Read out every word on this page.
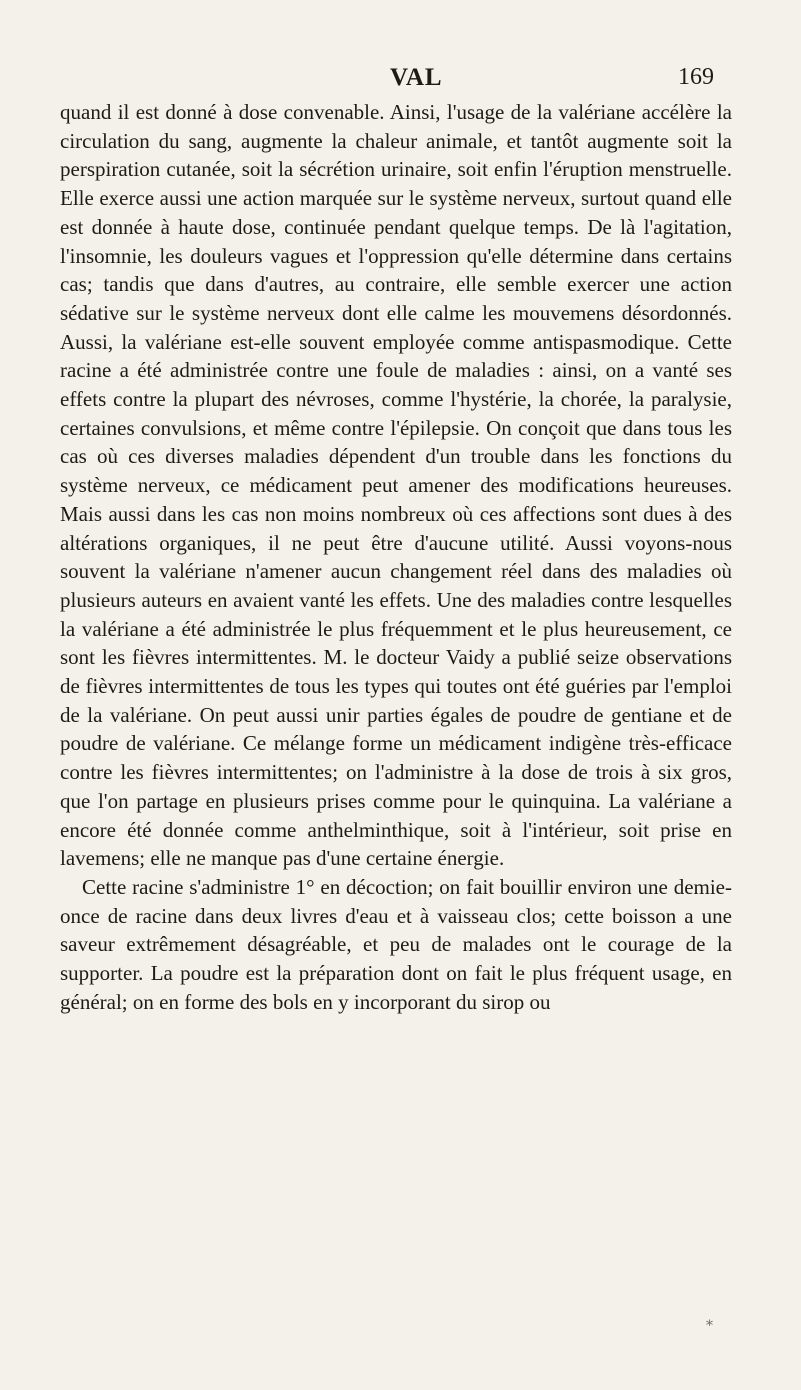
VAL	169

quand il est donné à dose convenable. Ainsi, l'usage de la valériane accélère la circulation du sang, augmente la chaleur animale, et tantôt augmente soit la perspiration cutanée, soit la sécrétion urinaire, soit enfin l'éruption menstruelle. Elle exerce aussi une action marquée sur le système nerveux, surtout quand elle est donnée à haute dose, continuée pendant quelque temps. De là l'agitation, l'insomnie, les douleurs vagues et l'oppression qu'elle détermine dans certains cas; tandis que dans d'autres, au contraire, elle semble exercer une action sédative sur le système nerveux dont elle calme les mouvemens désordonnés. Aussi, la valériane est-elle souvent employée comme antispasmodique. Cette racine a été administrée contre une foule de maladies : ainsi, on a vanté ses effets contre la plupart des névroses, comme l'hystérie, la chorée, la paralysie, certaines convulsions, et même contre l'épilepsie. On conçoit que dans tous les cas où ces diverses maladies dépendent d'un trouble dans les fonctions du système nerveux, ce médicament peut amener des modifications heureuses. Mais aussi dans les cas non moins nombreux où ces affections sont dues à des altérations organiques, il ne peut être d'aucune utilité. Aussi voyons-nous souvent la valériane n'amener aucun changement réel dans des maladies où plusieurs auteurs en avaient vanté les effets. Une des maladies contre lesquelles la valériane a été administrée le plus fréquemment et le plus heureusement, ce sont les fièvres intermittentes. M. le docteur Vaidy a publié seize observations de fièvres intermittentes de tous les types qui toutes ont été guéries par l'emploi de la valériane. On peut aussi unir parties égales de poudre de gentiane et de poudre de valériane. Ce mélange forme un médicament indigène très-efficace contre les fièvres intermittentes; on l'administre à la dose de trois à six gros, que l'on partage en plusieurs prises comme pour le quinquina. La valériane a encore été donnée comme anthelminthique, soit à l'intérieur, soit prise en lavemens; elle ne manque pas d'une certaine énergie.

Cette racine s'administre 1° en décoction; on fait bouillir environ une demie-once de racine dans deux livres d'eau et à vaisseau clos; cette boisson a une saveur extrêmement désagréable, et peu de malades ont le courage de la supporter. La poudre est la préparation dont on fait le plus fréquent usage, en général; on en forme des bols en y incorporant du sirop ou

*
